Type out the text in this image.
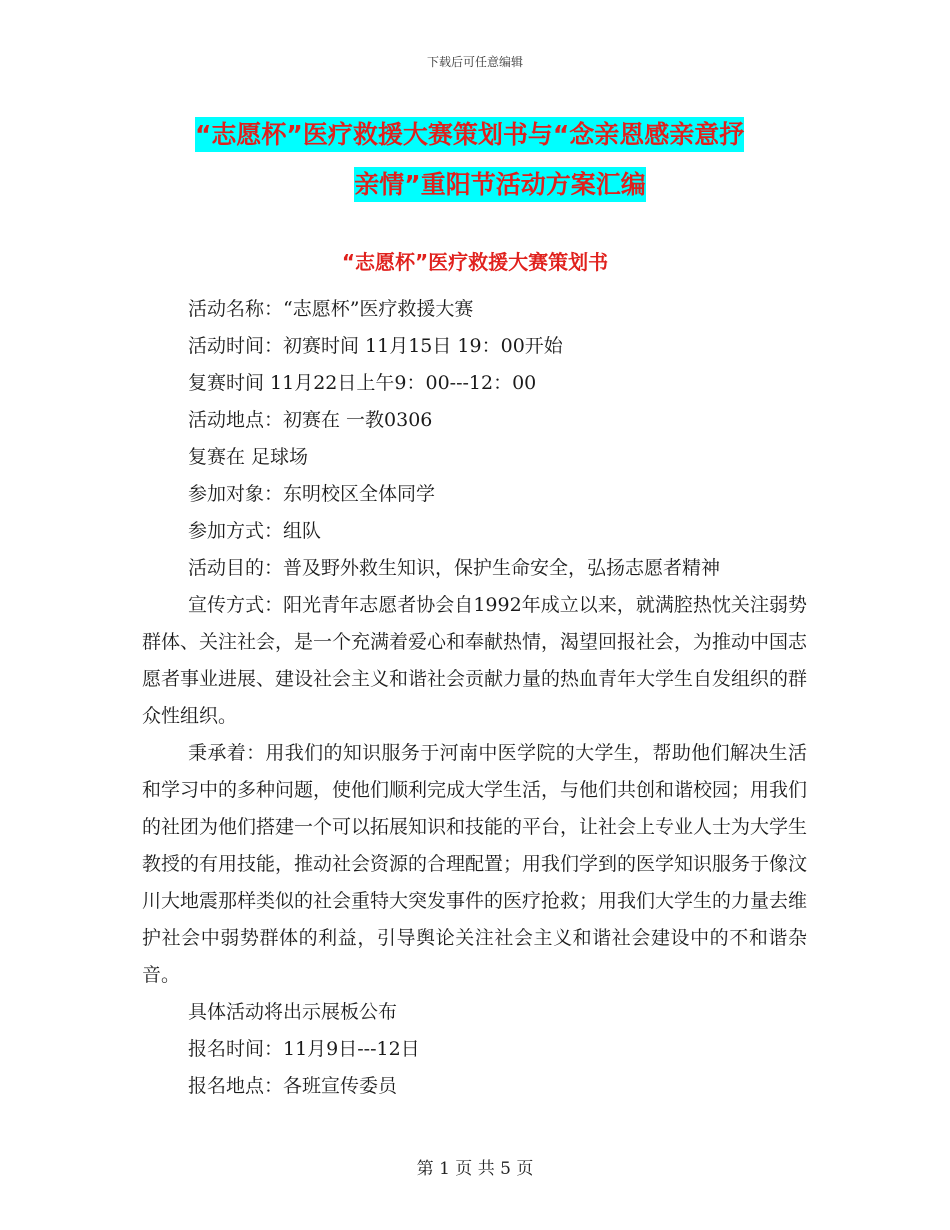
下载后可任意编辑
“志愿杯”医疗救援大赛策划书与“念亲恩感亲意抒
亲情”重阳节活动方案汇编
“志愿杯”医疗救援大赛策划书

活动名称：“志愿杯”医疗救援大赛

活动时间：初赛时间 11月15日 19：00开始

复赛时间 11月22日上午9：00---12：00

活动地点：初赛在 一教0306

复赛在 足球场

参加对象：东明校区全体同学

参加方式：组队

活动目的：普及野外救生知识，保护生命安全，弘扬志愿者精神

宣传方式：阳光青年志愿者协会自1992年成立以来，就满腔热忱关注弱势群体、关注社会，是一个充满着爱心和奉献热情，渴望回报社会，为推动中国志愿者事业进展、建设社会主义和谐社会贡献力量的热血青年大学生自发组织的群众性组织。

秉承着：用我们的知识服务于河南中医学院的大学生，帮助他们解决生活和学习中的多种问题，使他们顺利完成大学生活，与他们共创和谐校园；用我们的社团为他们搭建一个可以拓展知识和技能的平台，让社会上专业人士为大学生教授的有用技能，推动社会资源的合理配置；用我们学到的医学知识服务于像汶川大地震那样类似的社会重特大突发事件的医疗抢救；用我们大学生的力量去维护社会中弱势群体的利益，引导舆论关注社会主义和谐社会建设中的不和谐杂音。

具体活动将出示展板公布

报名时间：11月9日---12日

报名地点：各班宣传委员

第 1 页 共 5 页
